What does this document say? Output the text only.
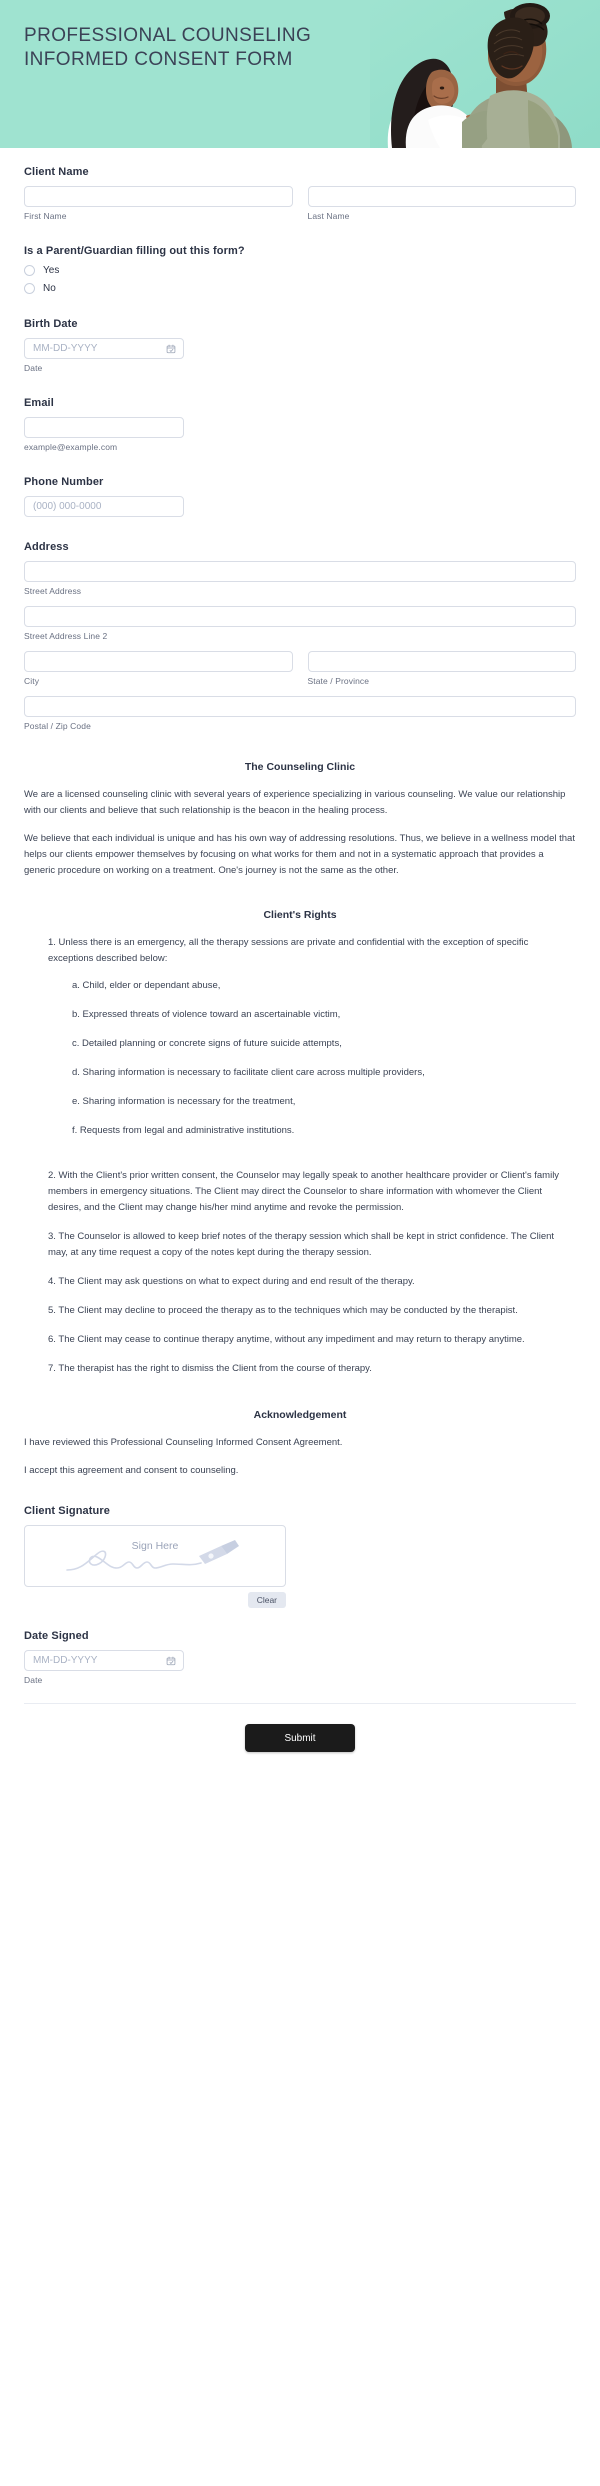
PROFESSIONAL COUNSELING INFORMED CONSENT FORM
Client Name
First Name	Last Name
Is a Parent/Guardian filling out this form?
Yes
No
Birth Date
MM-DD-YYYY
Date
Email
example@example.com
Phone Number
(000) 000-0000
Address
Street Address
Street Address Line 2
City	State / Province
Postal / Zip Code
The Counseling Clinic

We are a licensed counseling clinic with several years of experience specializing in various counseling. We value our relationship with our clients and believe that such relationship is the beacon in the healing process.

We believe that each individual is unique and has his own way of addressing resolutions. Thus, we believe in a wellness model that helps our clients empower themselves by focusing on what works for them and not in a systematic approach that provides a generic procedure on working on a treatment. One's journey is not the same as the other.

Client's Rights

1. Unless there is an emergency, all the therapy sessions are private and confidential with the exception of specific exceptions described below:

a. Child, elder or dependant abuse,

b. Expressed threats of violence toward an ascertainable victim,

c. Detailed planning or concrete signs of future suicide attempts,

d. Sharing information is necessary to facilitate client care across multiple providers,

e. Sharing information is necessary for the treatment,

f. Requests from legal and administrative institutions.

2. With the Client's prior written consent, the Counselor may legally speak to another healthcare provider or Client's family members in emergency situations. The Client may direct the Counselor to share information with whomever the Client desires, and the Client may change his/her mind anytime and revoke the permission.

3. The Counselor is allowed to keep brief notes of the therapy session which shall be kept in strict confidence. The Client may, at any time request a copy of the notes kept during the therapy session.

4. The Client may ask questions on what to expect during and end result of the therapy.

5. The Client may decline to proceed the therapy as to the techniques which may be conducted by the therapist.

6. The Client may cease to continue therapy anytime, without any impediment and may return to therapy anytime.

7. The therapist has the right to dismiss the Client from the course of therapy.

Acknowledgement

I have reviewed this Professional Counseling Informed Consent Agreement.

I accept this agreement and consent to counseling.

Client Signature
Sign Here
Clear
Date Signed
MM-DD-YYYY
Date
Submit
